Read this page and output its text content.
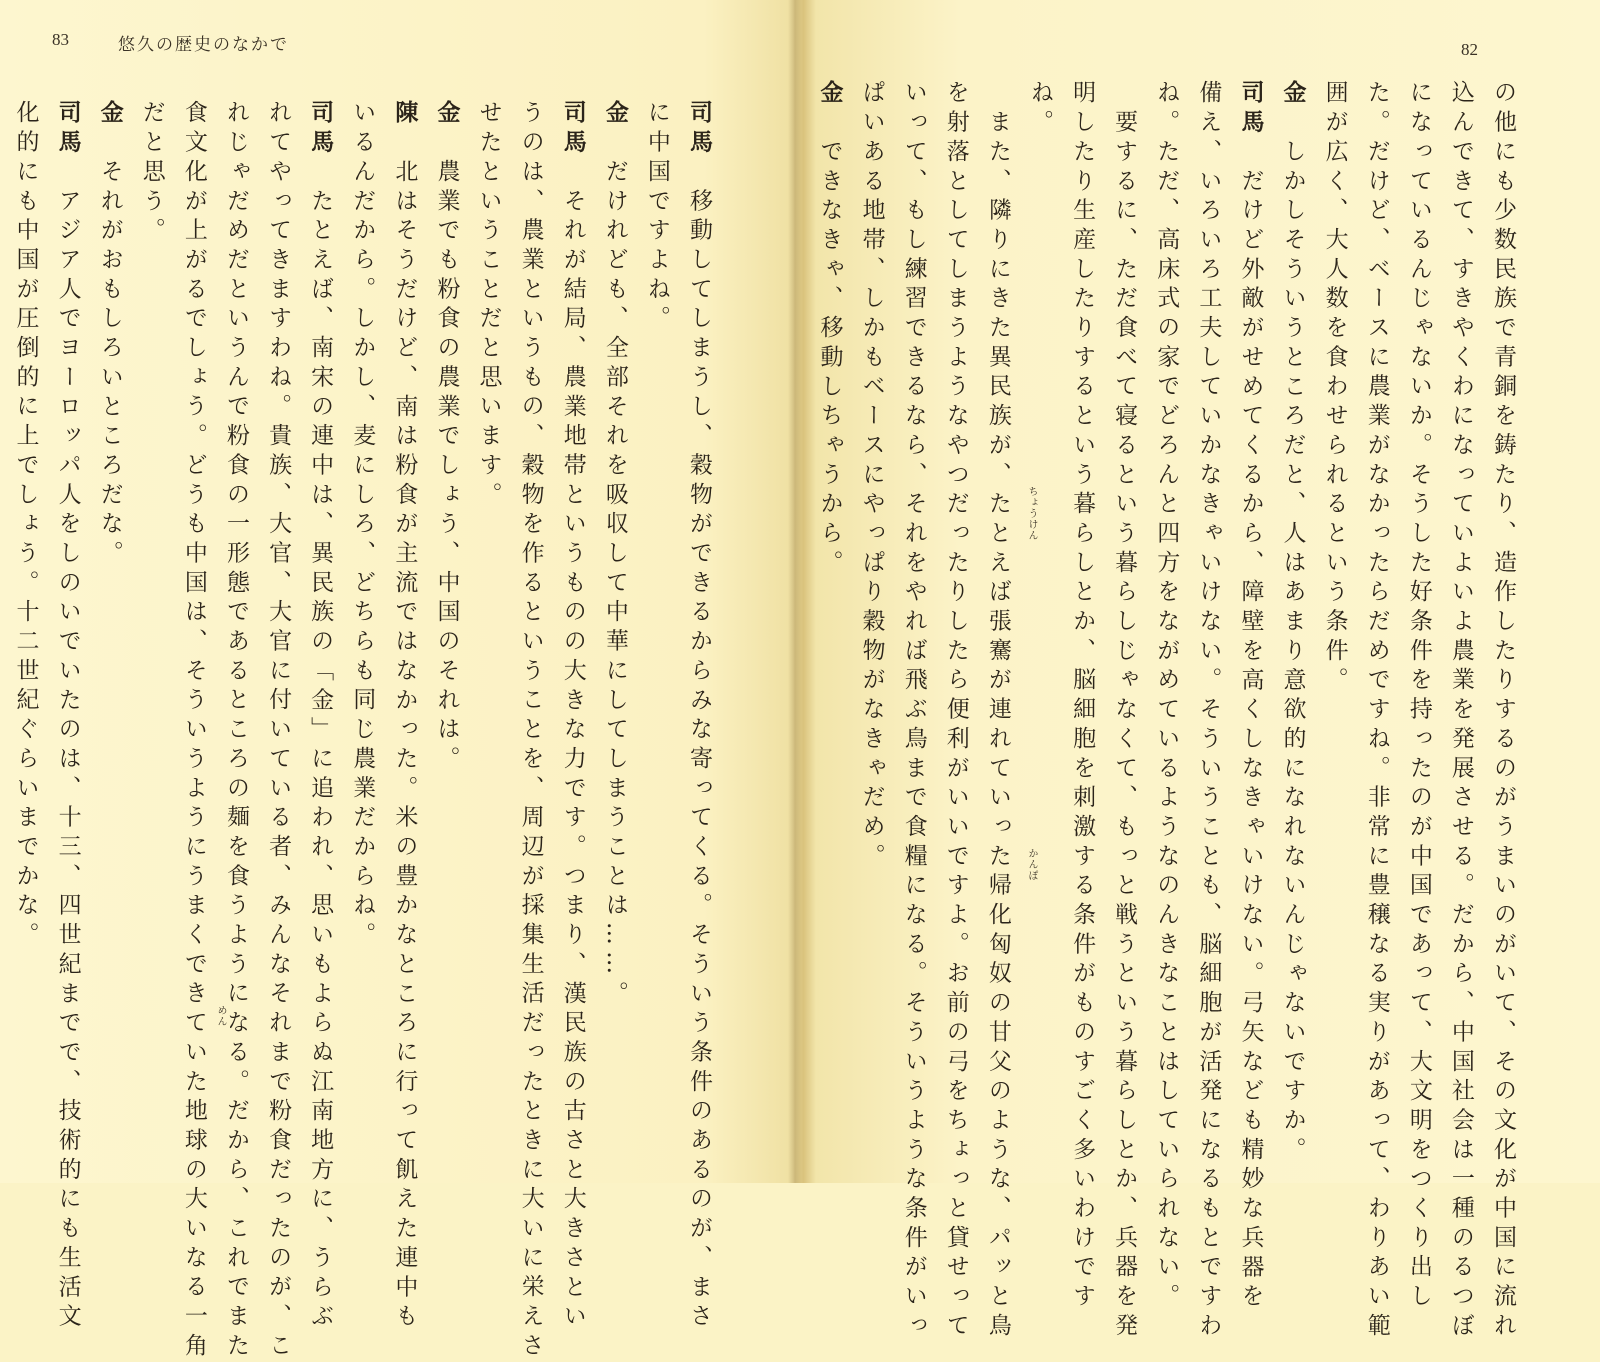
83	悠久の歴史のなかで
司馬　移動してしまうし、穀物ができるからみな寄ってくる。そういう条件のあるのが、まさ
に中国ですよね。
金　だけれども、全部それを吸収して中華にしてしまうことは……。
司馬　それが結局、農業地帯というものの大きな力です。つまり、漢民族の古さと大きさとい
うのは、農業というもの、穀物を作るということを、周辺が採集生活だったときに大いに栄えさ
せたということだと思います。
金　農業でも粉食の農業でしょう、中国のそれは。
陳　北はそうだけど、南は粉食が主流ではなかった。米の豊かなところに行って飢えた連中も
いるんだから。しかし、麦にしろ、どちらも同じ農業だからね。
司馬　たとえば、南宋の連中は、異民族の「金」に追われ、思いもよらぬ江南地方に、うらぶ
れてやってきますわね。貴族、大官、大官に付いている者、みんなそれまで粉食だったのが、こ
れじゃだめだというんで粉食の一形態であるところの麺を食うようになる。だから、これでまた
食文化が上がるでしょう。どうも中国は、そういうようにうまくできていた地球の大いなる一角
だと思う。
金　それがおもしろいところだな。
司馬　アジア人でヨーロッパ人をしのいでいたのは、十三、四世紀までで、技術的にも生活文
化的にも中国が圧倒的に上でしょう。十二世紀ぐらいまでかな。
めん
82
の他にも少数民族で青銅を鋳たり、造作したりするのがうまいのがいて、その文化が中国に流れ
込んできて、すきやくわになっていよいよ農業を発展させる。だから、中国社会は一種のるつぼ
になっているんじゃないか。そうした好条件を持ったのが中国であって、大文明をつくり出し
た。だけど、ベースに農業がなかったらだめですね。非常に豊穣なる実りがあって、わりあい範
囲が広く、大人数を食わせられるという条件。
金　しかしそういうところだと、人はあまり意欲的になれないんじゃないですか。
司馬　だけど外敵がせめてくるから、障壁を高くしなきゃいけない。弓矢なども精妙な兵器を
備え、いろいろ工夫していかなきゃいけない。そういうことも、脳細胞が活発になるもとですわ
ね。ただ、高床式の家でどろんと四方をながめているようなのんきなことはしていられない。
　要するに、ただ食べて寝るという暮らしじゃなくて、もっと戦うという暮らしとか、兵器を発
明したり生産したりするという暮らしとか、脳細胞を刺激する条件がものすごく多いわけです
ね。
　また、隣りにきた異民族が、たとえば張騫が連れていった帰化匈奴の甘父のような、パッと鳥
を射落としてしまうようなやつだったりしたら便利がいいですよ。お前の弓をちょっと貸せって
いって、もし練習できるなら、それをやれば飛ぶ鳥まで食糧になる。そういうような条件がいっ
ぱいある地帯、しかもベースにやっぱり穀物がなきゃだめ。
金　できなきゃ、移動しちゃうから。	ちょうけん
かんぽ
